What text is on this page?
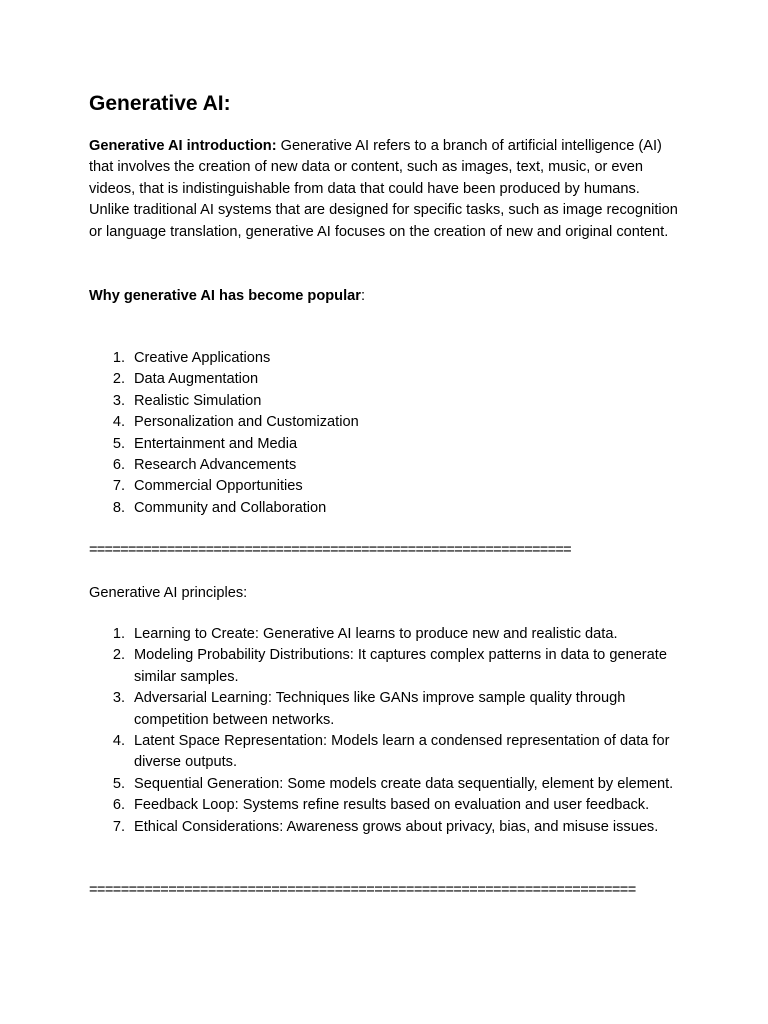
Generative AI:

Generative AI introduction: Generative AI refers to a branch of artificial intelligence (AI) that involves the creation of new data or content, such as images, text, music, or even videos, that is indistinguishable from data that could have been produced by humans. Unlike traditional AI systems that are designed for specific tasks, such as image recognition or language translation, generative AI focuses on the creation of new and original content.

Why generative AI has become popular:

1. Creative Applications
2. Data Augmentation
3. Realistic Simulation
4. Personalization and Customization
5. Entertainment and Media
6. Research Advancements
7. Commercial Opportunities
8. Community and Collaboration

==============================================================

Generative AI principles:

1. Learning to Create: Generative AI learns to produce new and realistic data.
2. Modeling Probability Distributions: It captures complex patterns in data to generate similar samples.
3. Adversarial Learning: Techniques like GANs improve sample quality through competition between networks.
4. Latent Space Representation: Models learn a condensed representation of data for diverse outputs.
5. Sequential Generation: Some models create data sequentially, element by element.
6. Feedback Loop: Systems refine results based on evaluation and user feedback.
7. Ethical Considerations: Awareness grows about privacy, bias, and misuse issues.

=====================================================================
